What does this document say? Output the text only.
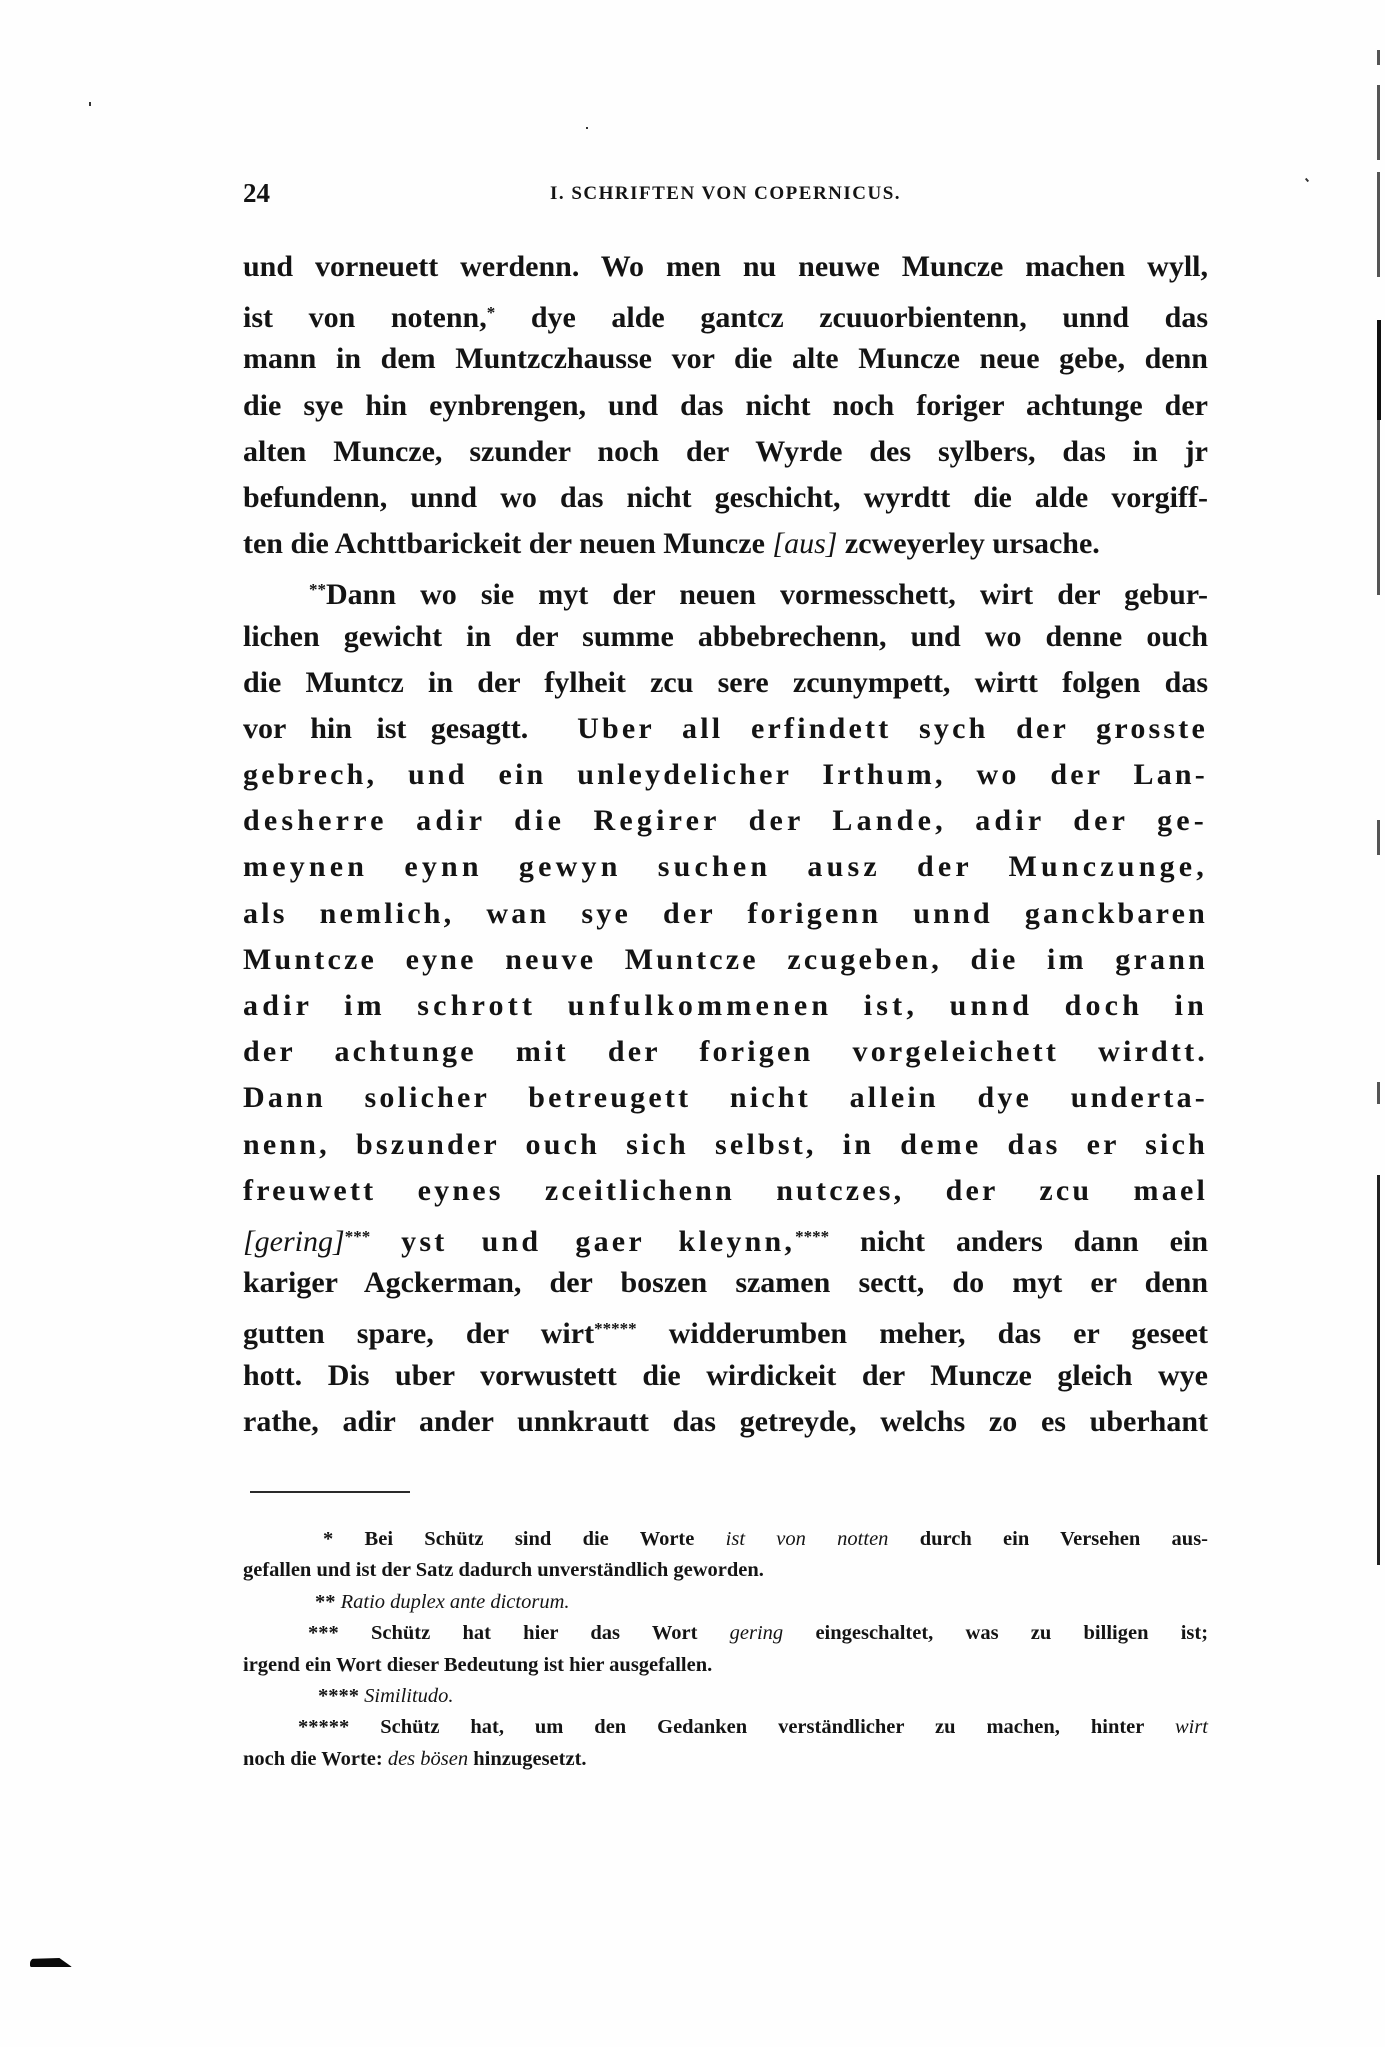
24	I. SCHRIFTEN VON COPERNICUS.
und vorneuett werdenn. Wo men nu neuwe Muncze machen wyll,
ist von notenn,* dye alde gantcz zcuuorbientenn, unnd das
mann in dem Muntzczhausse vor die alte Muncze neue gebe, denn
die sye hin eynbrengen, und das nicht noch foriger achtunge der
alten Muncze, szunder noch der Wyrde des sylbers, das in jr
befundenn, unnd wo das nicht geschicht, wyrdtt die alde vorgiff-
ten die Achttbarickeit der neuen Muncze [aus] zcweyerley ursache.
**Dann wo sie myt der neuen vormesschett, wirt der gebur-
lichen gewicht in der summe abbebrechenn, und wo denne ouch
die Muntcz in der fylheit zcu sere zcunympett, wirtt folgen das
vor hin ist gesagtt. Uber all erfindett sych der grosste
gebrech, und ein unleydelicher Irthum, wo der Lan-
desherre adir die Regirer der Lande, adir der ge-
meynen eynn gewyn suchen ausz der Munczunge,
als nemlich, wan sye der forigenn unnd ganckbaren
Muntcze eyne neuve Muntcze zcugeben, die im grann
adir im schrott unfulkommenen ist, unnd doch in
der achtunge mit der forigen vorgeleichett wirdtt.
Dann solicher betreugett nicht allein dye underta-
nenn, bszunder ouch sich selbst, in deme das er sich
freuwett eynes zceitlichenn nutczes, der zcu mael
[gering]*** yst und gaer kleynn,**** nicht anders dann ein
kariger Agckerman, der boszen szamen sectt, do myt er denn
gutten spare, der wirt***** widderumben meher, das er geseet
hott. Dis uber vorwustett die wirdickeit der Muncze gleich wye
rathe, adir ander unnkrautt das getreyde, welchs zo es uberhant
* Bei Schütz sind die Worte ist von notten durch ein Versehen aus-
gefallen und ist der Satz dadurch unverständlich geworden.
** Ratio duplex ante dictorum.
*** Schütz hat hier das Wort gering eingeschaltet, was zu billigen ist;
irgend ein Wort dieser Bedeutung ist hier ausgefallen.
**** Similitudo.
***** Schütz hat, um den Gedanken verständlicher zu machen, hinter wirt
noch die Worte: des bösen hinzugesetzt.
